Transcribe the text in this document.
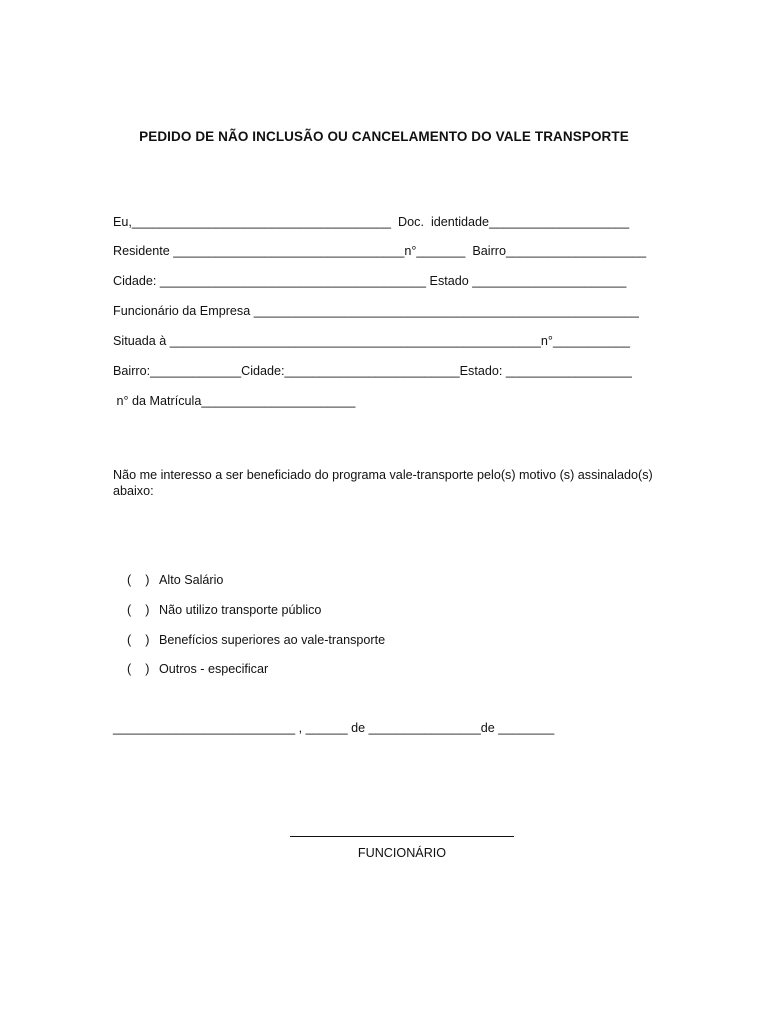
PEDIDO DE NÃO INCLUSÃO OU CANCELAMENTO DO VALE TRANSPORTE
Eu,_____________________________________  Doc.  identidade____________________
Residente _________________________________n°_______  Bairro____________________
Cidade: ______________________________________ Estado ______________________
Funcionário da Empresa _______________________________________________________
Situada à _____________________________________________________n°___________
Bairro:_____________Cidade:_________________________Estado: __________________
n° da Matrícula______________________
Não me interesso a ser beneficiado do programa vale-transporte pelo(s) motivo (s) assinalado(s) abaixo:

(    ) Alto Salário

(    ) Não utilizo transporte público

(    ) Benefícios superiores ao vale-transporte

(    ) Outros - especificar

__________________________ , ______ de ________________de ________
FUNCIONÁRIO
